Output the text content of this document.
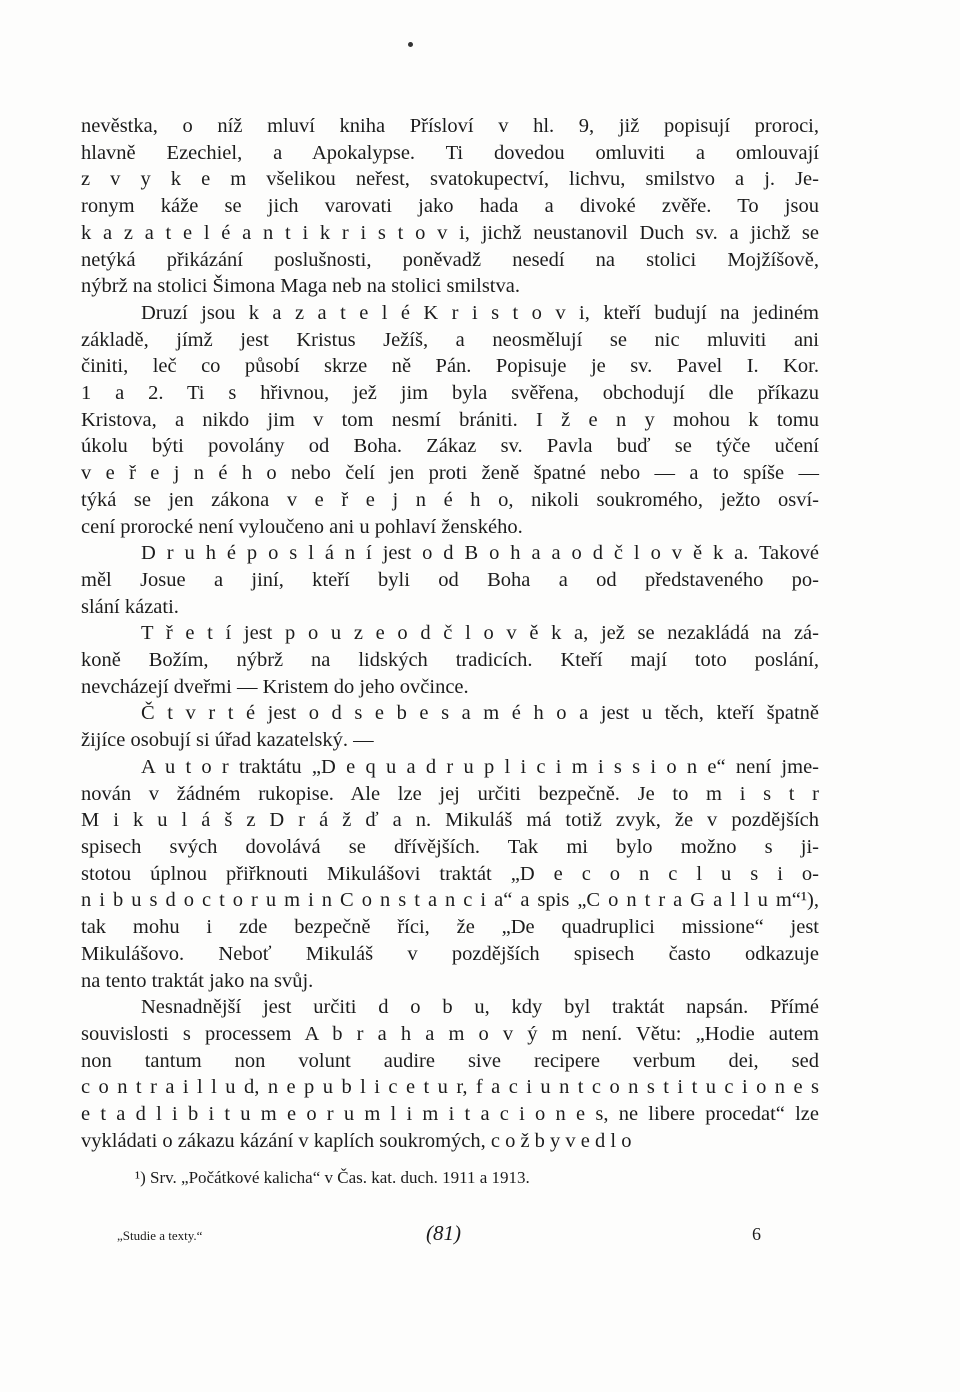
nevěstka, o níž mluví kniha Přísloví v hl. 9, již popisují proroci,
hlavně Ezechiel, a Apokalypse. Ti dovedou omluviti a omlouvají
z v y k e m všelikou neřest, svatokupectví, lichvu, smilstvo a j. Je-
ronym káže se jich varovati jako hada a divoké zvěře. To jsou
k a z a t e l é a n t i k r i s t o v i, jichž neustanovil Duch sv. a jichž se
netýká přikázání poslušnosti, poněvadž nesedí na stolici Mojžíšově,
nýbrž na stolici Šimona Maga neb na stolici smilstva.
Druzí jsou k a z a t e l é K r i s t o v i, kteří budují na jediném
základě, jímž jest Kristus Ježíš, a neosmělují se nic mluviti ani
činiti, leč co působí skrze ně Pán. Popisuje je sv. Pavel I. Kor.
1 a 2. Ti s hřivnou, jež jim byla svěřena, obchodují dle příkazu
Kristova, a nikdo jim v tom nesmí brániti. I ž e n y mohou k tomu
úkolu býti povolány od Boha. Zákaz sv. Pavla buď se týče učení
v e ř e j n é h o nebo čelí jen proti ženě špatné nebo — a to spíše —
týká se jen zákona v e ř e j n é h o, nikoli soukromého, ježto osví-
cení prorocké není vyloučeno ani u pohlaví ženského.
D r u h é p o s l á n í jest o d B o h a a o d č l o v ě k a. Takové
měl Josue a jiní, kteří byli od Boha a od představeného po-
slání kázati.
T ř e t í jest p o u z e o d č l o v ě k a, jež se nezakládá na zá-
koně Božím, nýbrž na lidských tradicích. Kteří mají toto poslání,
nevcházejí dveřmi — Kristem do jeho ovčince.
Č t v r t é jest o d s e b e s a m é h o a jest u těch, kteří špatně
žijíce osobují si úřad kazatelský. —
A u t o r traktátu „D e q u a d r u p l i c i m i s s i o n e“ není jme-
nován v žádném rukopise. Ale lze jej určiti bezpečně. Je to m i s t r
M i k u l á š z D r á ž ď a n. Mikuláš má totiž zvyk, že v pozdějších
spisech svých dovolává se dřívějších. Tak mi bylo možno s ji-
stotou úplnou přiřknouti Mikulášovi traktát „D e c o n c l u s i o-
n i b u s d o c t o r u m i n C o n s t a n c i a“ a spis „C o n t r a G a l l u m“¹),
tak mohu i zde bezpečně říci, že „De quadruplici missione“ jest
Mikulášovo. Neboť Mikuláš v pozdějších spisech často odkazuje
na tento traktát jako na svůj.
Nesnadnější jest určiti d o b u, kdy byl traktát napsán. Přímé
souvislosti s processem A b r a h a m o v ý m není. Větu: „Hodie autem
non tantum non volunt audire sive recipere verbum dei, sed
c o n t r a i l l u d, n e p u b l i c e t u r, f a c i u n t c o n s t i t u c i o n e s
e t a d l i b i t u m e o r u m l i m i t a c i o n e s, ne libere procedat“ lze
vykládati o zákazu kázání v kaplích soukromých, c o ž b y v e d l o
¹) Srv. „Počátkové kalicha“ v Čas. kat. duch. 1911 a 1913.
„Studie a texty.“	(81)	6
